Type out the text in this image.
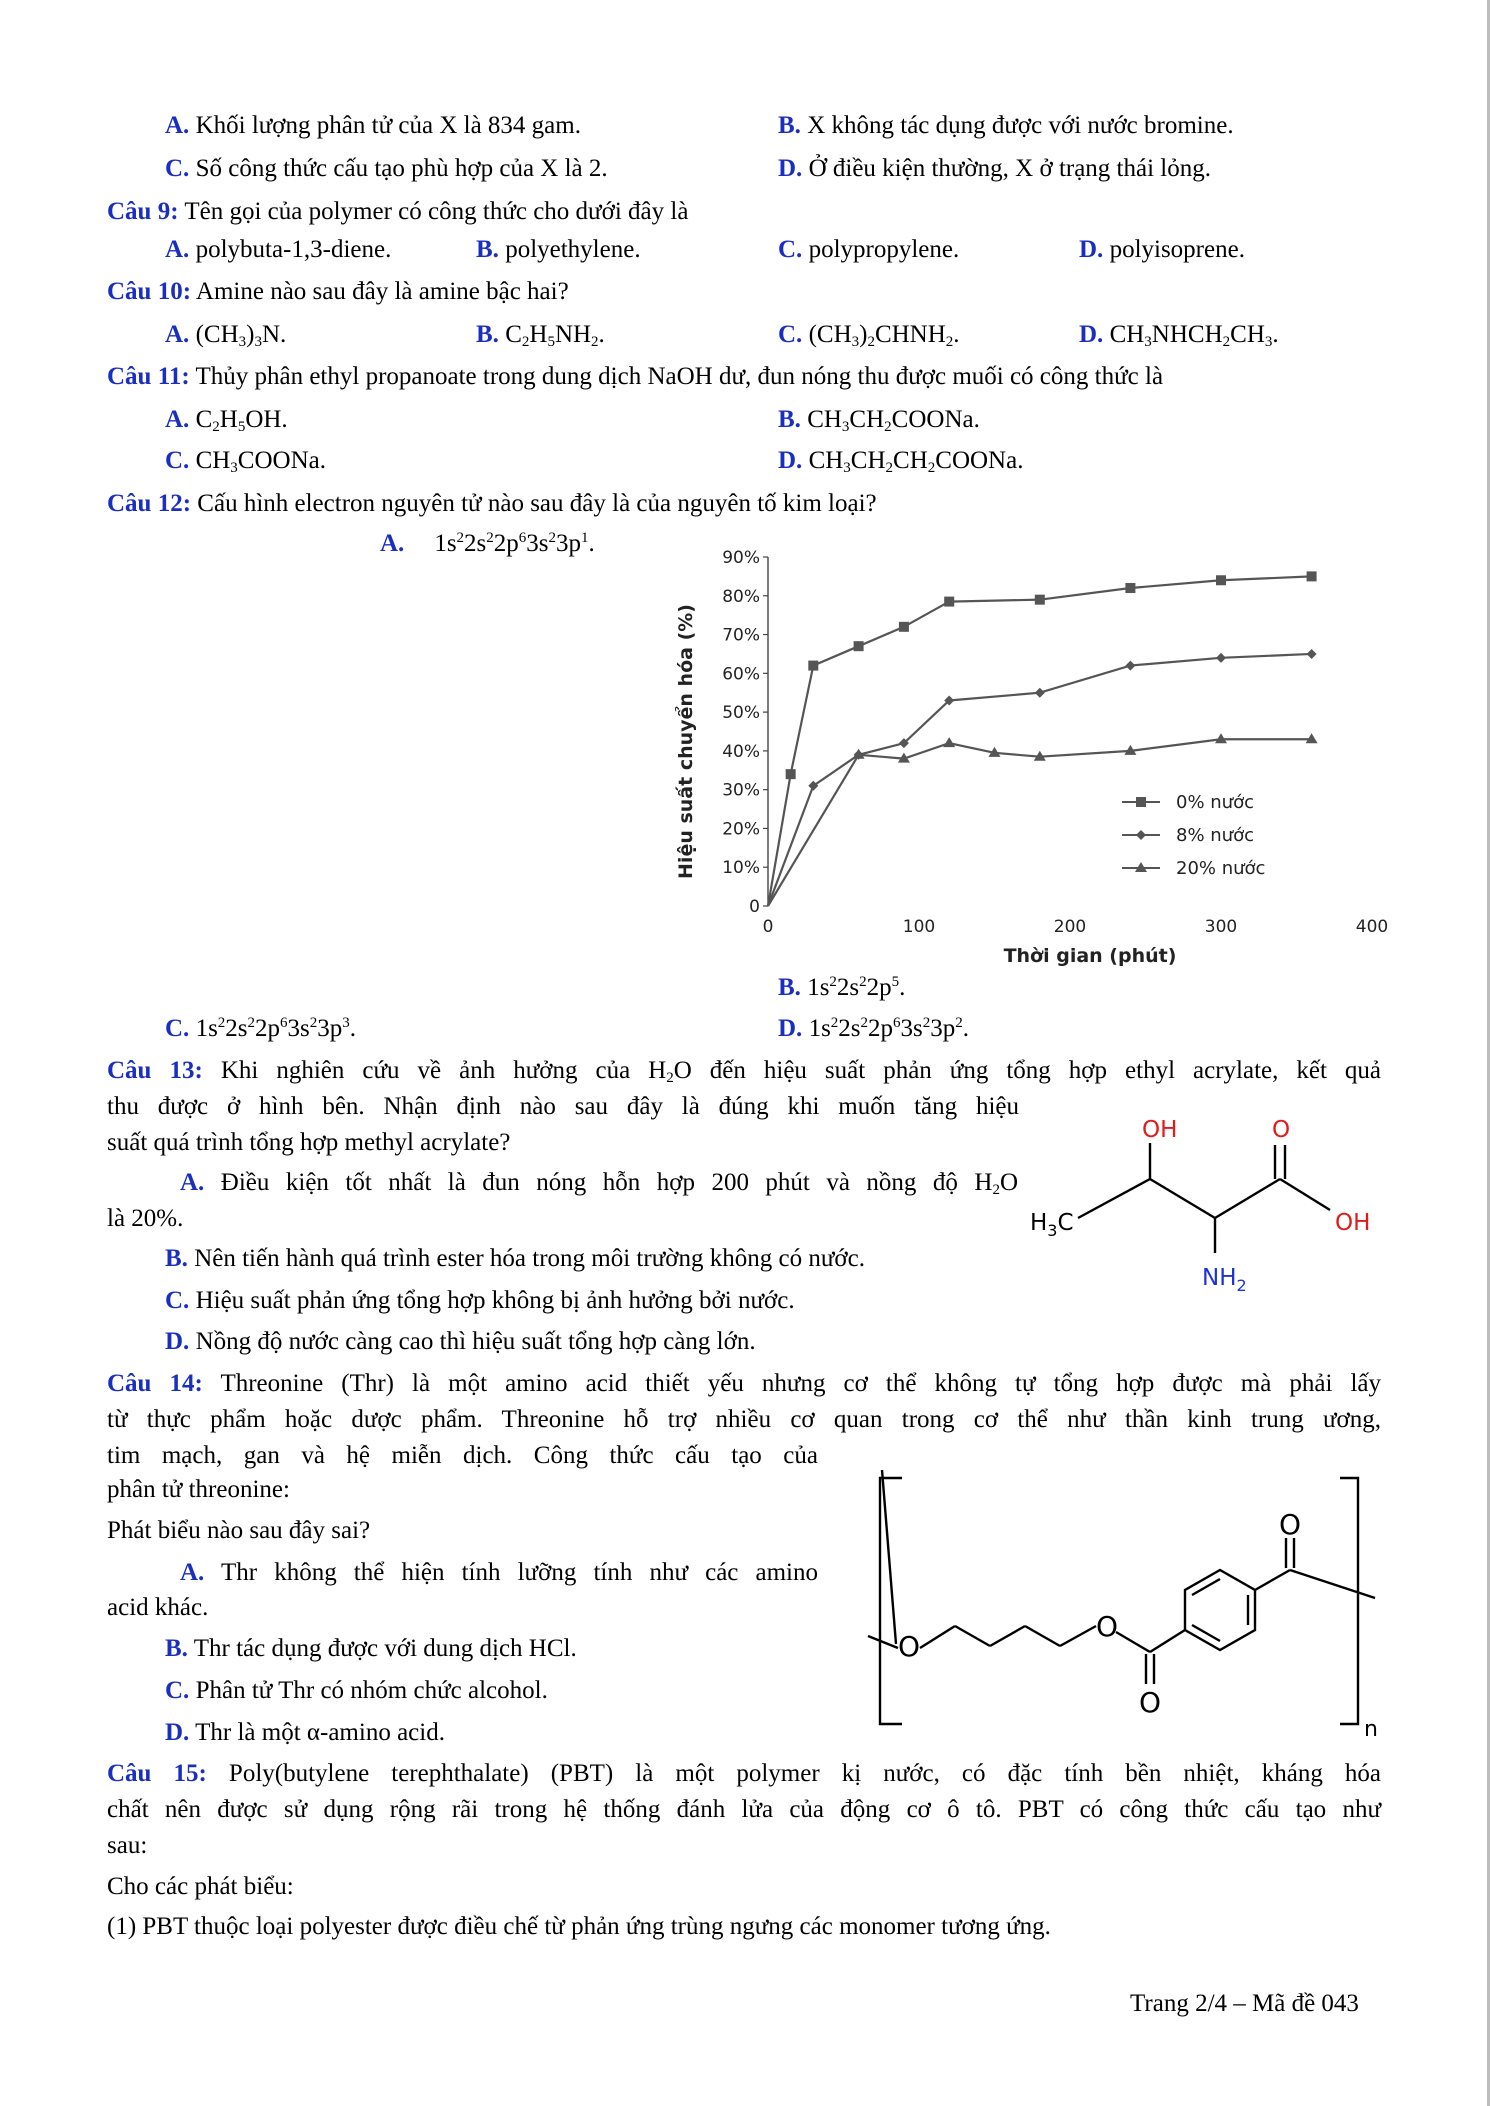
A. Khối lượng phân tử của X là 834 gam.	B. X không tác dụng được với nước bromine.
C. Số công thức cấu tạo phù hợp của X là 2.	D. Ở điều kiện thường, X ở trạng thái lỏng.
Câu 9: Tên gọi của polymer có công thức cho dưới đây là
A. polybuta-1,3-diene.	B. polyethylene.	C. polypropylene.	D. polyisoprene.
Câu 10: Amine nào sau đây là amine bậc hai?
A. $(CH_3)_3N$.	B. $C_2H_5NH_2$.	C. $(CH_3)_2CHNH_2$.	D. $CH_3NHCH_2CH_3$.
Câu 11: Thủy phân ethyl propanoate trong dung dịch NaOH dư, đun nóng thu được muối có công thức là
A. $C_2H_5OH$.	B. $CH_3CH_2COONa$.
C. $CH_3COONa$.	D. $CH_3CH_2CH_2COONa$.
Câu 12: Cấu hình electron nguyên tử nào sau đây là của nguyên tố kim loại?
A. $1s^22s^22p^63s^23p^1$.
0
10%
20%
30%
40%
50%
60%
70%
80%
90%
0	100	200	300	400
Thời gian (phút)
Hiệu suất chuyển hóa (%)	0% nước
8% nước
20% nước
B. $1s^22s^22p^5$.
C. $1s^22s^22p^63s^23p^3$.	D. $1s^22s^22p^63s^23p^2$.
Câu 13: Khi nghiên cứu về ảnh hưởng của $H_2O$ đến hiệu suất phản ứng tổng hợp ethyl acrylate, kết quả
thu được ở hình bên. Nhận định nào sau đây là đúng khi muốn tăng hiệu
suất quá trình tổng hợp methyl acrylate?
A. Điều kiện tốt nhất là đun nóng hỗn hợp 200 phút và nồng độ $H_2O$
là 20%.
B. Nên tiến hành quá trình ester hóa trong môi trường không có nước.
C. Hiệu suất phản ứng tổng hợp không bị ảnh hưởng bởi nước.
D. Nồng độ nước càng cao thì hiệu suất tổng hợp càng lớn.
OH	O
$H_3C$	OH
$NH_2$
Câu 14: Threonine (Thr) là một amino acid thiết yếu nhưng cơ thể không tự tổng hợp được mà phải lấy
từ thực phẩm hoặc dược phẩm. Threonine hỗ trợ nhiều cơ quan trong cơ thể như thần kinh trung ương,
tim mạch, gan và hệ miễn dịch. Công thức cấu tạo của
phân tử threonine:
Phát biểu nào sau đây sai?
A. Thr không thể hiện tính lưỡng tính như các amino
acid khác.
B. Thr tác dụng được với dung dịch HCl.
C. Phân tử Thr có nhóm chức alcohol.
D. Thr là một α-amino acid.
O
O
O
O
n
Câu 15: Poly(butylene terephthalate) (PBT) là một polymer kị nước, có đặc tính bền nhiệt, kháng hóa
chất nên được sử dụng rộng rãi trong hệ thống đánh lửa của động cơ ô tô. PBT có công thức cấu tạo như
sau:
Cho các phát biểu:
(1) PBT thuộc loại polyester được điều chế từ phản ứng trùng ngưng các monomer tương ứng.
Trang 2/4 – Mã đề 043
